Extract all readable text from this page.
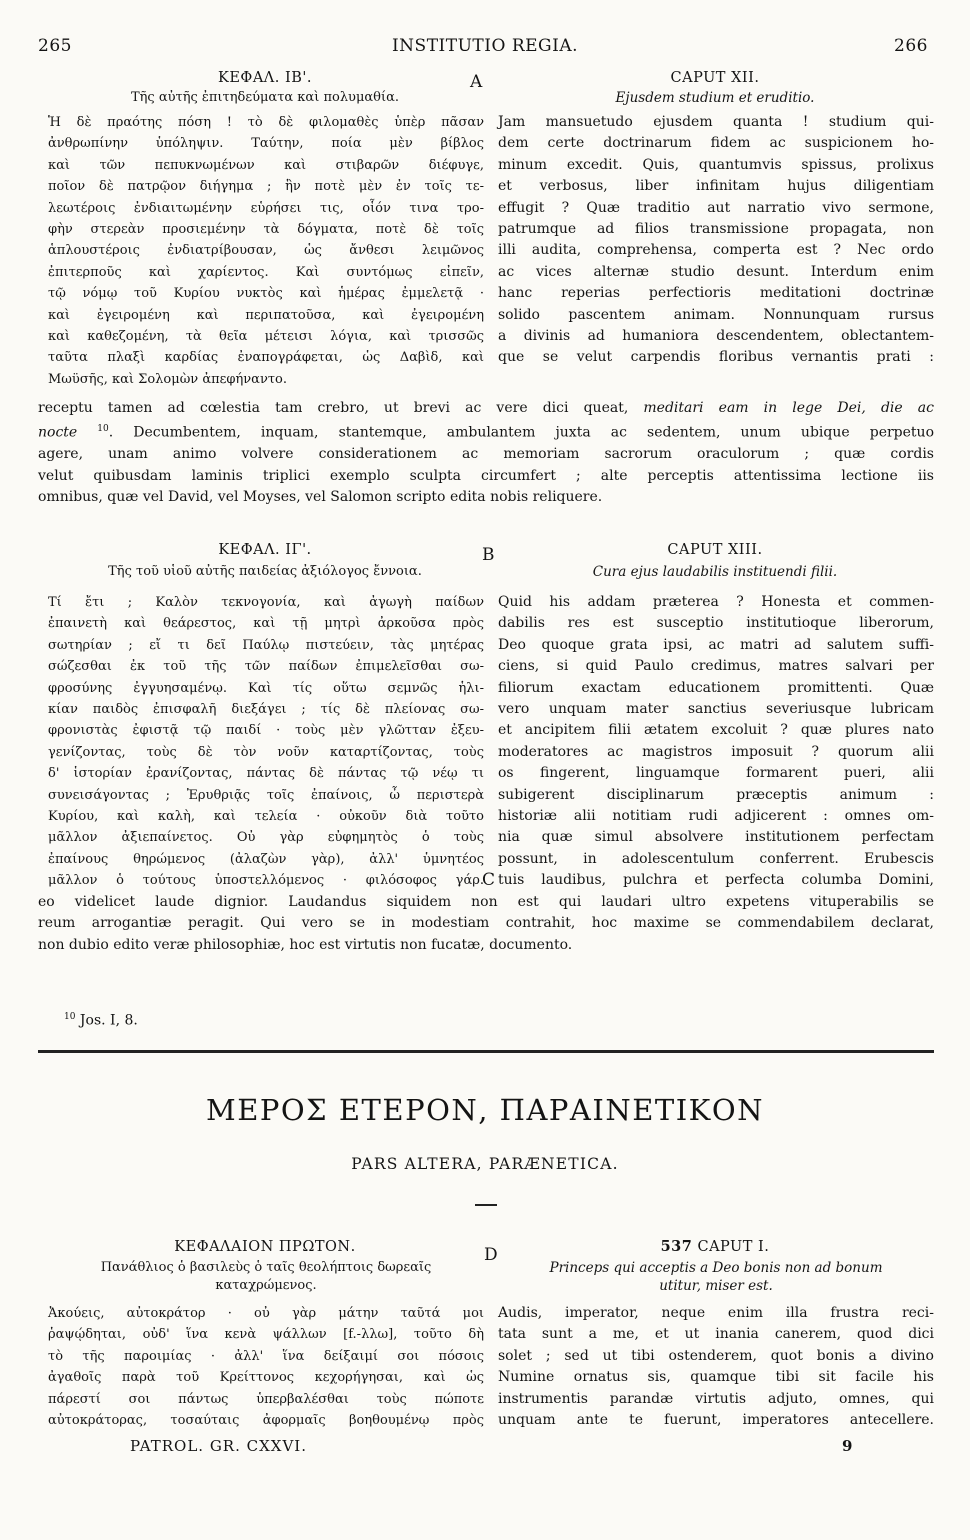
265	INSTITUTIO REGIA.	266
ΚΕΦΑΛ. ΙΒ'.
Τῆς αὐτῆς ἐπιτηδεύματα καὶ πολυμαθία.
A	CAPUT XII.
Ejusdem studium et eruditio.
Ἡ δὲ πραότης πόση ! τὸ δὲ φιλομαθὲς ὑπὲρ πᾶσαν
ἀνθρωπίνην ὑπόληψιν. Ταύτην, ποία μὲν βίβλος
καὶ τῶν πεπυκνωμένων καὶ στιβαρῶν διέφυγε,
ποῖον δὲ πατρῷον διήγημα ; ἣν ποτὲ μὲν ἐν τοῖς τε-
λεωτέροις ἐνδιαιτωμένην εὑρήσει τις, οἷόν τινα τρο-
φὴν στερεὰν προσιεμένην τὰ δόγματα, ποτὲ δὲ τοῖς
ἁπλουστέροις ἐνδιατρίβουσαν, ὡς ἄνθεσι λειμῶνος
ἐπιτερποῦς καὶ χαρίεντος. Καὶ συντόμως εἰπεῖν,
τῷ νόμῳ τοῦ Κυρίου νυκτὸς καὶ ἡμέρας ἐμμελετᾷ ·
καὶ ἐγειρομένη καὶ περιπατοῦσα, καὶ ἐγειρομένη
καὶ καθεζομένη, τὰ θεῖα μέτεισι λόγια, καὶ τρισσῶς
ταῦτα πλαξὶ καρδίας ἐναπογράφεται, ὡς Δαβὶδ, καὶ
Μωϋσῆς, καὶ Σολομὼν ἀπεφήναντο.
Jam mansuetudo ejusdem quanta ! studium qui-
dem certe doctrinarum fidem ac suspicionem ho-
minum excedit. Quis, quantumvis spissus, prolixus
et verbosus, liber infinitam hujus diligentiam
effugit ? Quæ traditio aut narratio vivo sermone,
patrumque ad filios transmissione propagata, non
illi audita, comprehensa, comperta est ? Nec ordo
ac vices alternæ studio desunt. Interdum enim
hanc reperias perfectioris meditationi doctrinæ
solido pascentem animam. Nonnunquam rursus
a divinis ad humaniora descendentem, oblectantem-
que se velut carpendis floribus vernantis prati :
receptu tamen ad cœlestia tam crebro, ut brevi ac vere dici queat, meditari eam in lege Dei, die ac
nocte $^{10}$. Decumbentem, inquam, stantemque, ambulantem juxta ac sedentem, unum ubique perpetuo
agere, unam animo volvere considerationem ac memoriam sacrorum oraculorum ; quæ cordis
velut quibusdam laminis triplici exemplo sculpta circumfert ; alte perceptis attentissima lectione iis
omnibus, quæ vel David, vel Moyses, vel Salomon scripto edita nobis reliquere.
ΚΕΦΑΛ. ΙΓ'.
Τῆς τοῦ υἱοῦ αὐτῆς παιδείας ἀξιόλογος ἔννοια.
B	CAPUT XIII.
Cura ejus laudabilis instituendi filii.
Τί ἔτι ; Καλὸν τεκνογονία, καὶ ἀγωγὴ παίδων
ἐπαινετὴ καὶ θεάρεστος, καὶ τῇ μητρὶ ἀρκοῦσα πρὸς
σωτηρίαν ; εἴ τι δεῖ Παύλῳ πιστεύειν, τὰς μητέρας
σώζεσθαι ἐκ τοῦ τῆς τῶν παίδων ἐπιμελεῖσθαι σω-
φροσύνης ἐγγυησαμένῳ. Καὶ τίς οὕτω σεμνῶς ἡλι-
κίαν παιδὸς ἐπισφαλῆ διεξάγει ; τίς δὲ πλείονας σω-
φρονιστὰς ἐφιστᾷ τῷ παιδί · τοὺς μὲν γλῶτταν ἐξευ-
γενίζοντας, τοὺς δὲ τὸν νοῦν καταρτίζοντας, τοὺς
δ' ἱστορίαν ἐρανίζοντας, πάντας δὲ πάντας τῷ νέῳ τι
συνεισάγοντας ; Ἐρυθριᾷς τοῖς ἐπαίνοις, ὦ περιστερὰ
Κυρίου, καὶ καλὴ, καὶ τελεία · οὐκοῦν διὰ τοῦτο
μᾶλλον ἀξιεπαίνετος. Οὐ γὰρ εὐφημητὸς ὁ τοὺς
ἐπαίνους θηρώμενος (ἀλαζὼν γὰρ), ἀλλ' ὑμνητέος
μᾶλλον ὁ τούτους ὑποστελλόμενος · φιλόσοφος γάρ.
Quid his addam præterea ? Honesta et commen-
dabilis res est susceptio institutioque liberorum,
Deo quoque grata ipsi, ac matri ad salutem suffi-
ciens, si quid Paulo credimus, matres salvari per
filiorum exactam educationem promittenti. Quæ
vero unquam mater sanctius severiusque lubricam
et ancipitem filii ætatem excoluit ? quæ plures nato
moderatores ac magistros imposuit ? quorum alii
os fingerent, linguamque formarent pueri, alii
subigerent disciplinarum præceptis animum :
historiæ alii notitiam rudi adjicerent : omnes om-
nia quæ simul absolvere institutionem perfectam
possunt, in adolescentulum conferrent. Erubescis
C tuis laudibus, pulchra et perfecta columba Domini,
eo videlicet laude dignior. Laudandus siquidem non est qui laudari ultro expetens vituperabilis se
reum arrogantiæ peragit. Qui vero se in modestiam contrahit, hoc maxime se commendabilem declarat,
non dubio edito veræ philosophiæ, hoc est virtutis non fucatæ, documento.
$^{10}$ Jos. I, 8.
ΜΕΡΟΣ ΕΤΕΡΟΝ, ΠΑΡΑΙΝΕΤΙΚΟΝ
PARS ALTERA, PARÆNETICA.
ΚΕΦΑΛΑΙΟΝ ΠΡΩΤΟΝ.
Πανάθλιος ὁ βασιλεὺς ὁ ταῖς θεολήπτοις δωρεαῖς
καταχρώμενος.
D	537 CAPUT I.
Princeps qui acceptis a Deo bonis non ad bonum
utitur, miser est.
Ἀκούεις, αὐτοκράτορ · οὐ γὰρ μάτην ταῦτά μοι
ῥαψῴδηται, οὐδ' ἵνα κενὰ ψάλλων [f.-λλω], τοῦτο δὴ
τὸ τῆς παροιμίας · ἀλλ' ἵνα δείξαιμί σοι πόσοις
ἀγαθοῖς παρὰ τοῦ Κρείττονος κεχορήγησαι, καὶ ὡς
πάρεστί σοι πάντως ὑπερβαλέσθαι τοὺς πώποτε
αὐτοκράτορας, τοσαύταις ἀφορμαῖς βοηθουμένῳ πρὸς
Audis, imperator, neque enim illa frustra reci-
tata sunt a me, et ut inania canerem, quod dici
solet ; sed ut tibi ostenderem, quot bonis a divino
Numine ornatus sis, quamque tibi sit facile his
instrumentis parandæ virtutis adjuto, omnes, qui
unquam ante te fuerunt, imperatores antecellere.
PATROL. GR. CXXVI.	9
